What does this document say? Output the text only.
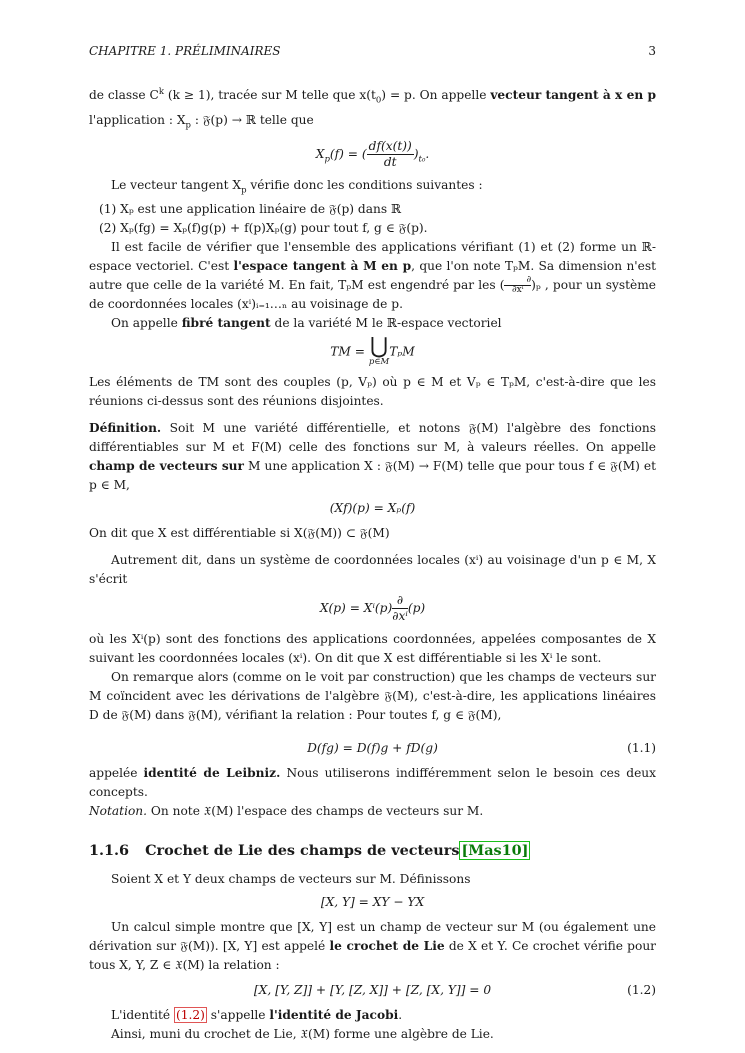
CHAPITRE 1. PRÉLIMINAIRES	3

de classe $C^k$ (k ≥ 1), tracée sur M telle que $x(t_0) = p$. On appelle vecteur tangent à x en p l'application : $X_p$ : 𝔉(p) → ℝ telle que

$X_p(f)$ = ( $\frac{df(x(t))}{dt} )_{t_0}$.

Le vecteur tangent $X_p$ vérifie donc les conditions suivantes :

(1) Xₚ est une application linéaire de 𝔉(p) dans ℝ

(2) Xₚ(fg) = Xₚ(f)g(p) + f(p)Xₚ(g) pour tout f, g ∈ 𝔉(p).

Il est facile de vérifier que l'ensemble des applications vérifiant (1) et (2) forme un ℝ-espace vectoriel. C'est l'espace tangent à M en p, que l'on note TₚM. Sa dimension n'est autre que celle de la variété M. En fait, TₚM est engendré par les (	∂
∂xⁱ )ₚ , pour un système de coordonnées locales (xⁱ)ᵢ₌₁…ₙ au voisinage de p.

On appelle fibré tangent de la variété M le ℝ-espace vectoriel

TM = ⋃
p∈M
TₚM

Les éléments de TM sont des couples (p, Vₚ) où p ∈ M et Vₚ ∈ TₚM, c'est-à-dire que les réunions ci-dessus sont des réunions disjointes.

Définition. Soit M une variété différentielle, et notons 𝔉(M) l'algèbre des fonctions différentiables sur M et F(M) celle des fonctions sur M, à valeurs réelles. On appelle champ de vecteurs sur M une application X : 𝔉(M) → F(M) telle que pour tous f ∈ 𝔉(M) et p ∈ M,

(Xf)(p) = Xₚ(f)

On dit que X est différentiable si X(𝔉(M)) ⊂ 𝔉(M)

Autrement dit, dans un système de coordonnées locales (xⁱ) au voisinage d'un p ∈ M, X s'écrit

$X(p) = X^i(p) \frac{\partial}{\text{∂xⁱ}} (p)$

où les Xⁱ(p) sont des fonctions des applications coordonnées, appelées composantes de X suivant les coordonnées locales (xⁱ). On dit que X est différentiable si les Xⁱ le sont.

On remarque alors (comme on le voit par construction) que les champs de vecteurs sur M coïncident avec les dérivations de l'algèbre 𝔉(M), c'est-à-dire, les applications linéaires D de 𝔉(M) dans 𝔉(M), vérifiant la relation : Pour toutes f, g ∈ 𝔉(M),

D(fg) = D(f)g + fD(g)	(1.1)

appelée identité de Leibniz. Nous utiliserons indifféremment selon le besoin ces deux concepts.

Notation. On note 𝔛(M) l'espace des champs de vecteurs sur M.

1.1.6 Crochet de Lie des champs de vecteurs [Mas10]

Soient X et Y deux champs de vecteurs sur M. Définissons

[X, Y] = XY − YX

Un calcul simple montre que [X, Y] est un champ de vecteur sur M (ou également une dérivation sur 𝔉(M)). [X, Y] est appelé le crochet de Lie de X et Y. Ce crochet vérifie pour tous X, Y, Z ∈ 𝔛(M) la relation :

[X, [Y, Z]] + [Y, [Z, X]] + [Z, [X, Y]] = 0	(1.2)

L'identité (1.2) s'appelle l'identité de Jacobi.

Ainsi, muni du crochet de Lie, 𝔛(M) forme une algèbre de Lie.
